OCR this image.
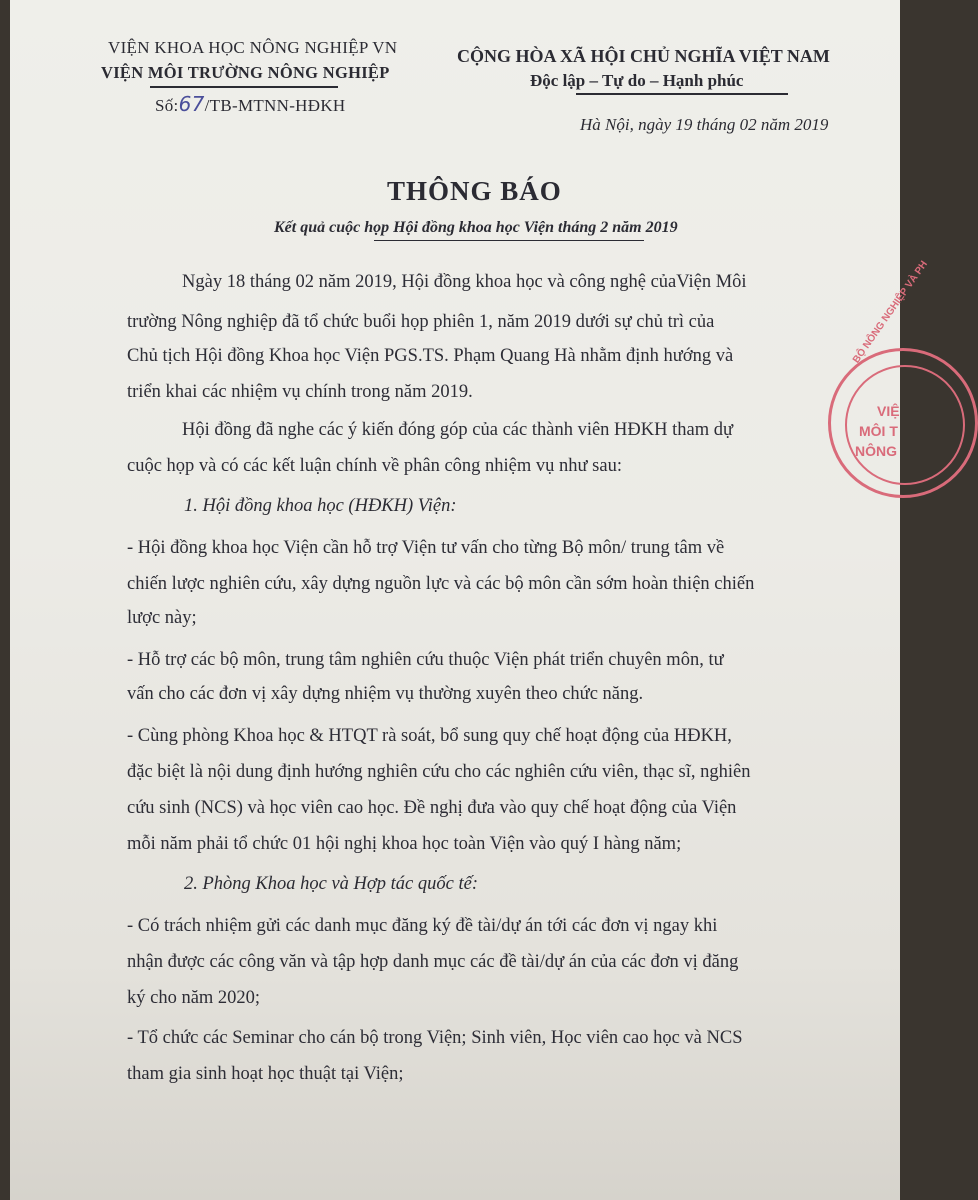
VIỆN KHOA HỌC NÔNG NGHIỆP VN
VIỆN MÔI TRƯỜNG NÔNG NGHIỆP
Số:67/TB-MTNN-HĐKH
CỘNG HÒA XÃ HỘI CHỦ NGHĨA VIỆT NAM
Độc lập – Tự do – Hạnh phúc
Hà Nội, ngày 19 tháng 02 năm 2019
THÔNG BÁO
Kết quả cuộc họp Hội đồng khoa học Viện tháng 2 năm 2019
Ngày 18 tháng 02 năm 2019, Hội đồng khoa học và công nghệ củaViện Môi
trường Nông nghiệp đã tổ chức buổi họp phiên 1, năm 2019 dưới sự chủ trì của
Chủ tịch Hội đồng Khoa học Viện PGS.TS. Phạm Quang Hà nhằm định hướng và
triển khai các nhiệm vụ chính trong năm 2019.
Hội đồng đã nghe các ý kiến đóng góp của các thành viên HĐKH tham dự
cuộc họp và có các kết luận chính về phân công nhiệm vụ như sau:
1. Hội đồng khoa học (HĐKH) Viện:
- Hội đồng khoa học Viện cần hỗ trợ Viện tư vấn cho từng Bộ môn/ trung tâm về
chiến lược nghiên cứu, xây dựng nguồn lực và các bộ môn cần sớm hoàn thiện chiến
lược này;
- Hỗ trợ các bộ môn, trung tâm nghiên cứu thuộc Viện phát triển chuyên môn, tư
vấn cho các đơn vị xây dựng nhiệm vụ thường xuyên theo chức năng.
- Cùng phòng Khoa học & HTQT rà soát, bổ sung quy chế hoạt động của HĐKH,
đặc biệt là nội dung định hướng nghiên cứu cho các nghiên cứu viên, thạc sĩ, nghiên
cứu sinh (NCS) và học viên cao học. Đề nghị đưa vào quy chế hoạt động của Viện
mỗi năm phải tổ chức 01 hội nghị khoa học toàn Viện vào quý I hàng năm;
2. Phòng Khoa học và Hợp tác quốc tế:
- Có trách nhiệm gửi các danh mục đăng ký đề tài/dự án tới các đơn vị ngay khi
nhận được các công văn và tập hợp danh mục các đề tài/dự án của các đơn vị đăng
ký cho năm 2020;
- Tổ chức các Seminar cho cán bộ trong Viện; Sinh viên, Học viên cao học và NCS
tham gia sinh hoạt học thuật tại Viện;
BỘ NÔNG NGHIỆP VÀ PH
VIỆ
MÔI T
NÔNG
